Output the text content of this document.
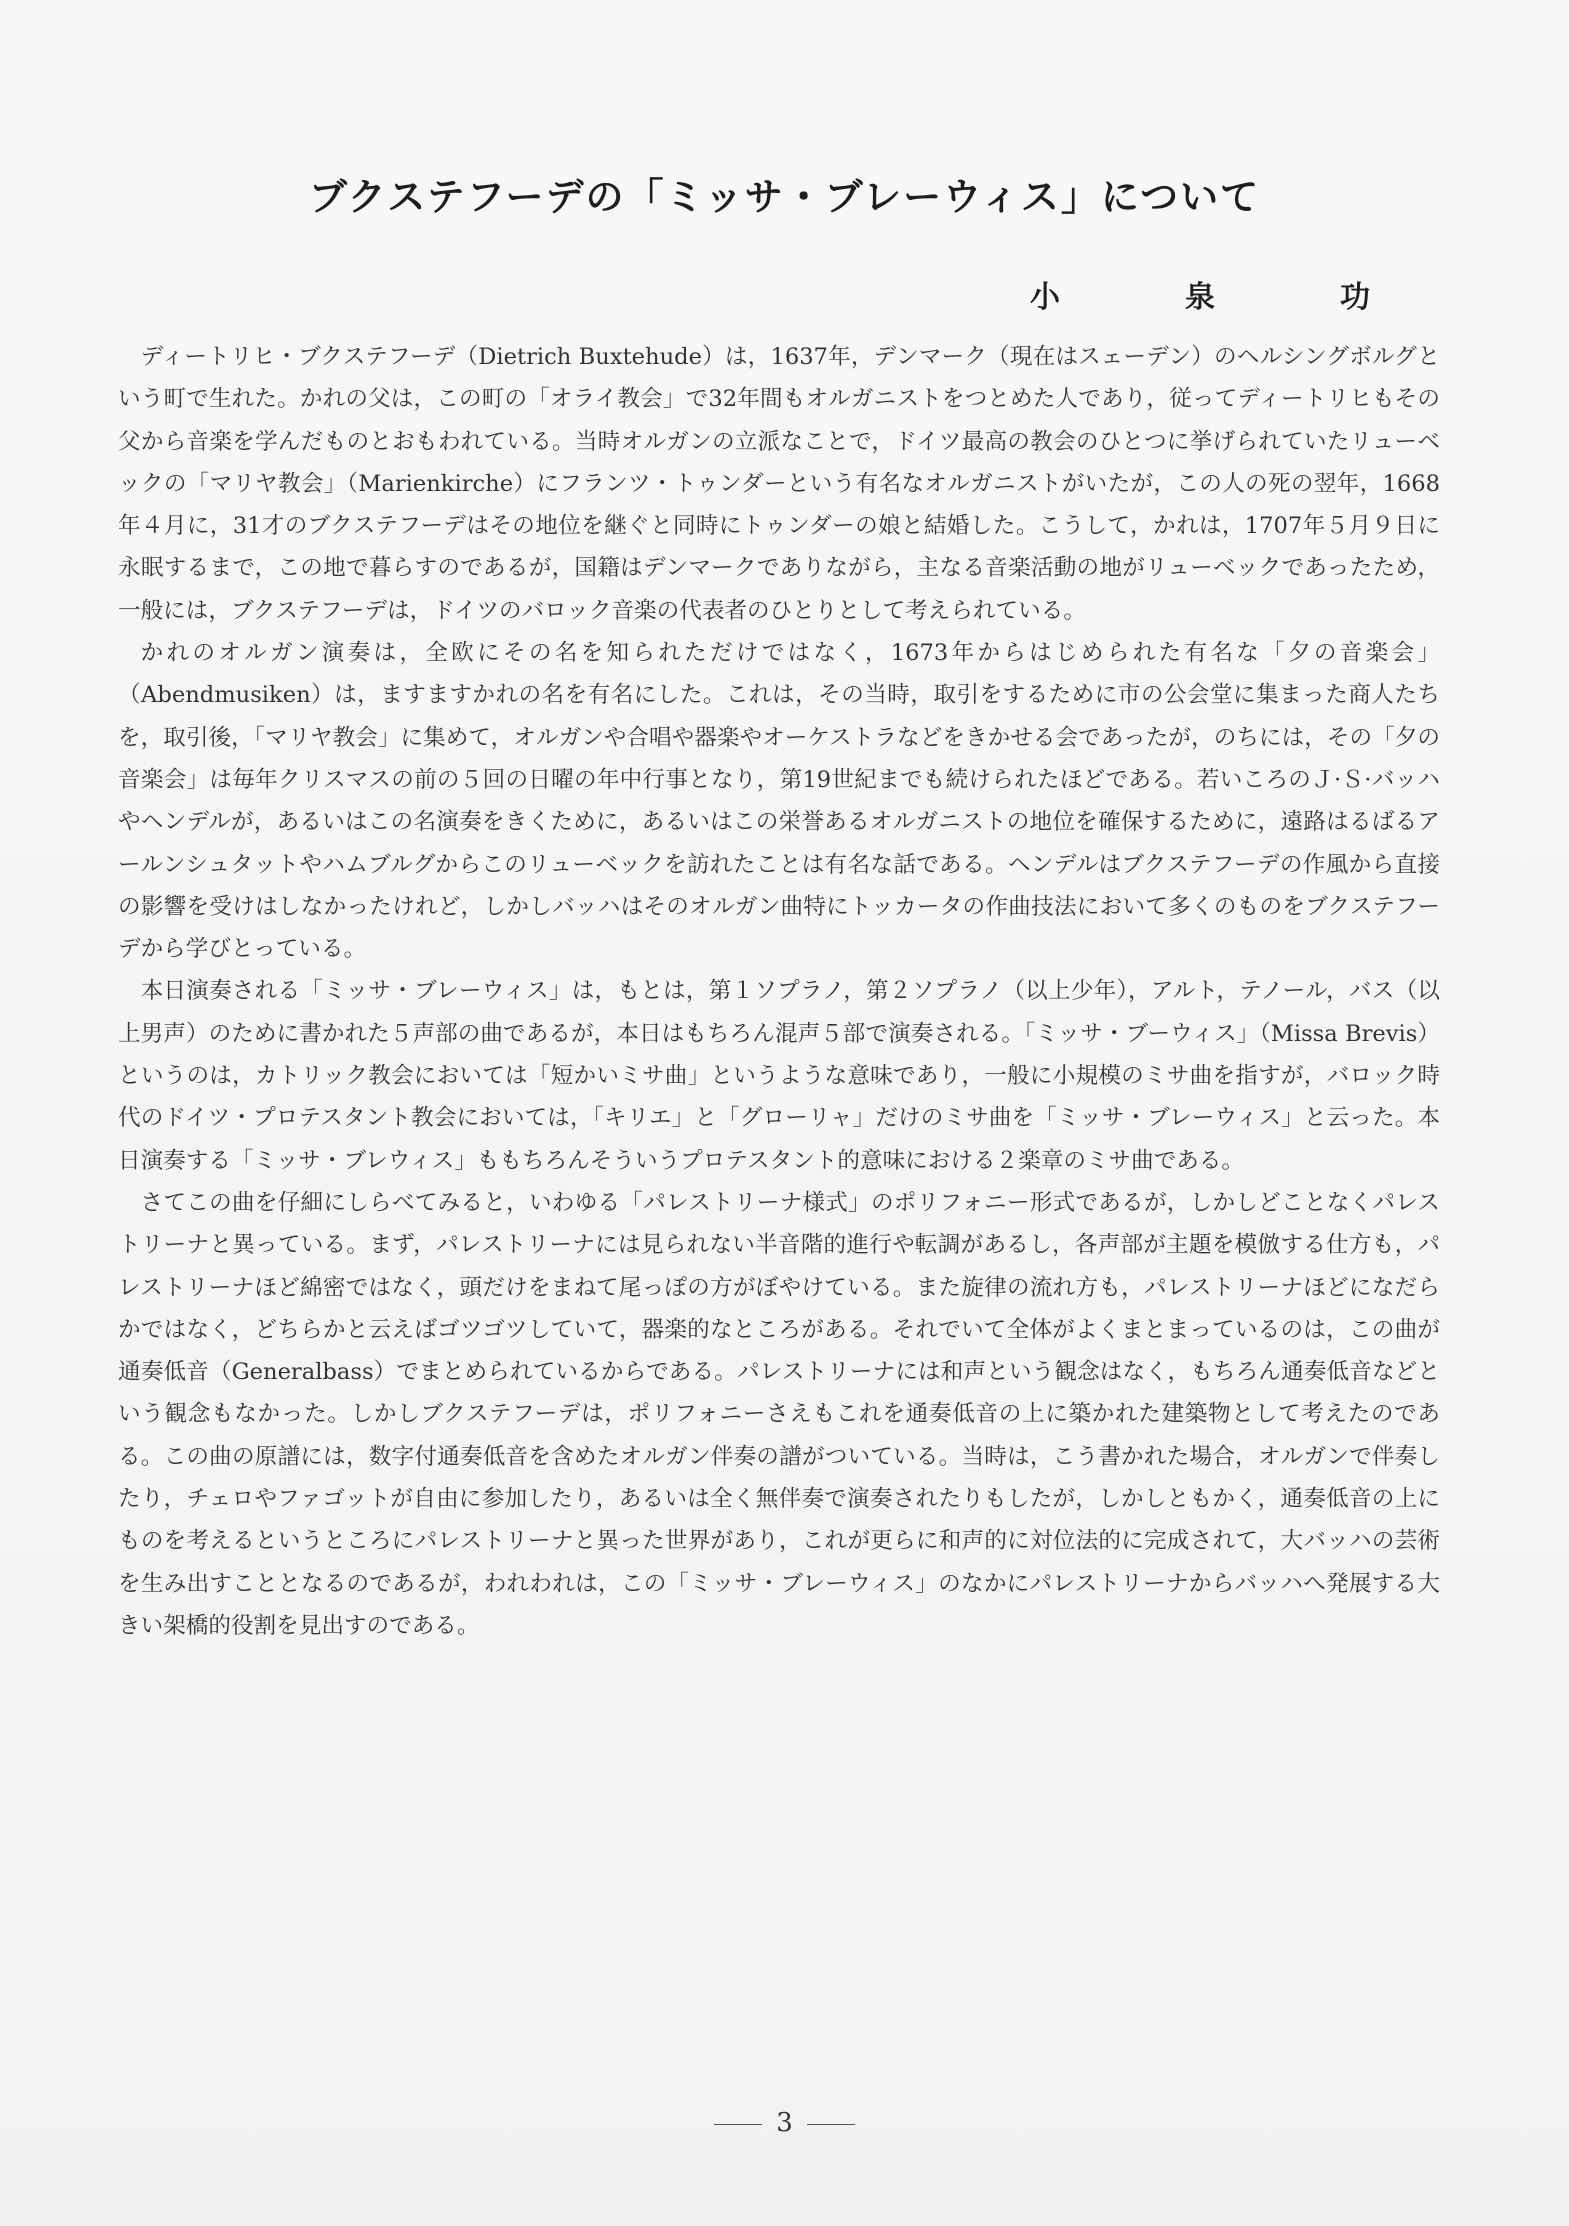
ブクステフーデの「ミッサ・ブレーウィス」について
小	泉	功

ディートリヒ・ブクステフーデ（Dietrich Buxtehude）は，1637年，デンマーク（現在はスェーデン）のヘルシングボルグという町で生れた。かれの父は，この町の「オライ教会」で32年間もオルガニストをつとめた人であり，従ってディートリヒもその父から音楽を学んだものとおもわれている。当時オルガンの立派なことで，ドイツ最高の教会のひとつに挙げられていたリューベックの「マリヤ教会」（Marienkirche）にフランツ・トゥンダーという有名なオルガニストがいたが，この人の死の翌年，1668年４月に，31才のブクステフーデはその地位を継ぐと同時にトゥンダーの娘と結婚した。こうして，かれは，1707年５月９日に永眠するまで，この地で暮らすのであるが，国籍はデンマークでありながら，主なる音楽活動の地がリューベックであったため，一般には，ブクステフーデは，ドイツのバロック音楽の代表者のひとりとして考えられている。

かれのオルガン演奏は，全欧にその名を知られただけではなく，1673年からはじめられた有名な「夕の音楽会」（Abendmusiken）は，ますますかれの名を有名にした。これは，その当時，取引をするために市の公会堂に集まった商人たちを，取引後，「マリヤ教会」に集めて，オルガンや合唱や器楽やオーケストラなどをきかせる会であったが，のちには，その「夕の音楽会」は毎年クリスマスの前の５回の日曜の年中行事となり，第19世紀までも続けられたほどである。若いころのＪ·Ｓ·バッハやヘンデルが，あるいはこの名演奏をきくために，あるいはこの栄誉あるオルガニストの地位を確保するために，遠路はるばるアールンシュタットやハムブルグからこのリューベックを訪れたことは有名な話である。ヘンデルはブクステフーデの作風から直接の影響を受けはしなかったけれど，しかしバッハはそのオルガン曲特にトッカータの作曲技法において多くのものをブクステフーデから学びとっている。

本日演奏される「ミッサ・ブレーウィス」は，もとは，第１ソプラノ，第２ソプラノ（以上少年），アルト，テノール，バス（以上男声）のために書かれた５声部の曲であるが，本日はもちろん混声５部で演奏される。「ミッサ・ブーウィス」（Missa Brevis）というのは，カトリック教会においては「短かいミサ曲」というような意味であり，一般に小規模のミサ曲を指すが，バロック時代のドイツ・プロテスタント教会においては，「キリエ」と「グローリャ」だけのミサ曲を「ミッサ・ブレーウィス」と云った。本日演奏する「ミッサ・ブレウィス」ももちろんそういうプロテスタント的意味における２楽章のミサ曲である。

さてこの曲を仔細にしらべてみると，いわゆる「パレストリーナ様式」のポリフォニー形式であるが，しかしどことなくパレストリーナと異っている。まず，パレストリーナには見られない半音階的進行や転調があるし，各声部が主題を模倣する仕方も，パレストリーナほど綿密ではなく，頭だけをまねて尾っぽの方がぼやけている。また旋律の流れ方も，パレストリーナほどになだらかではなく，どちらかと云えばゴツゴツしていて，器楽的なところがある。それでいて全体がよくまとまっているのは，この曲が通奏低音（Generalbass）でまとめられているからである。パレストリーナには和声という観念はなく，もちろん通奏低音などという観念もなかった。しかしブクステフーデは，ポリフォニーさえもこれを通奏低音の上に築かれた建築物として考えたのである。この曲の原譜には，数字付通奏低音を含めたオルガン伴奏の譜がついている。当時は，こう書かれた場合，オルガンで伴奏したり，チェロやファゴットが自由に参加したり，あるいは全く無伴奏で演奏されたりもしたが，しかしともかく，通奏低音の上にものを考えるというところにパレストリーナと異った世界があり，これが更らに和声的に対位法的に完成されて，大バッハの芸術を生み出すこととなるのであるが，われわれは，この「ミッサ・ブレーウィス」のなかにパレストリーナからバッハへ発展する大きい架橋的役割を見出すのである。

3
